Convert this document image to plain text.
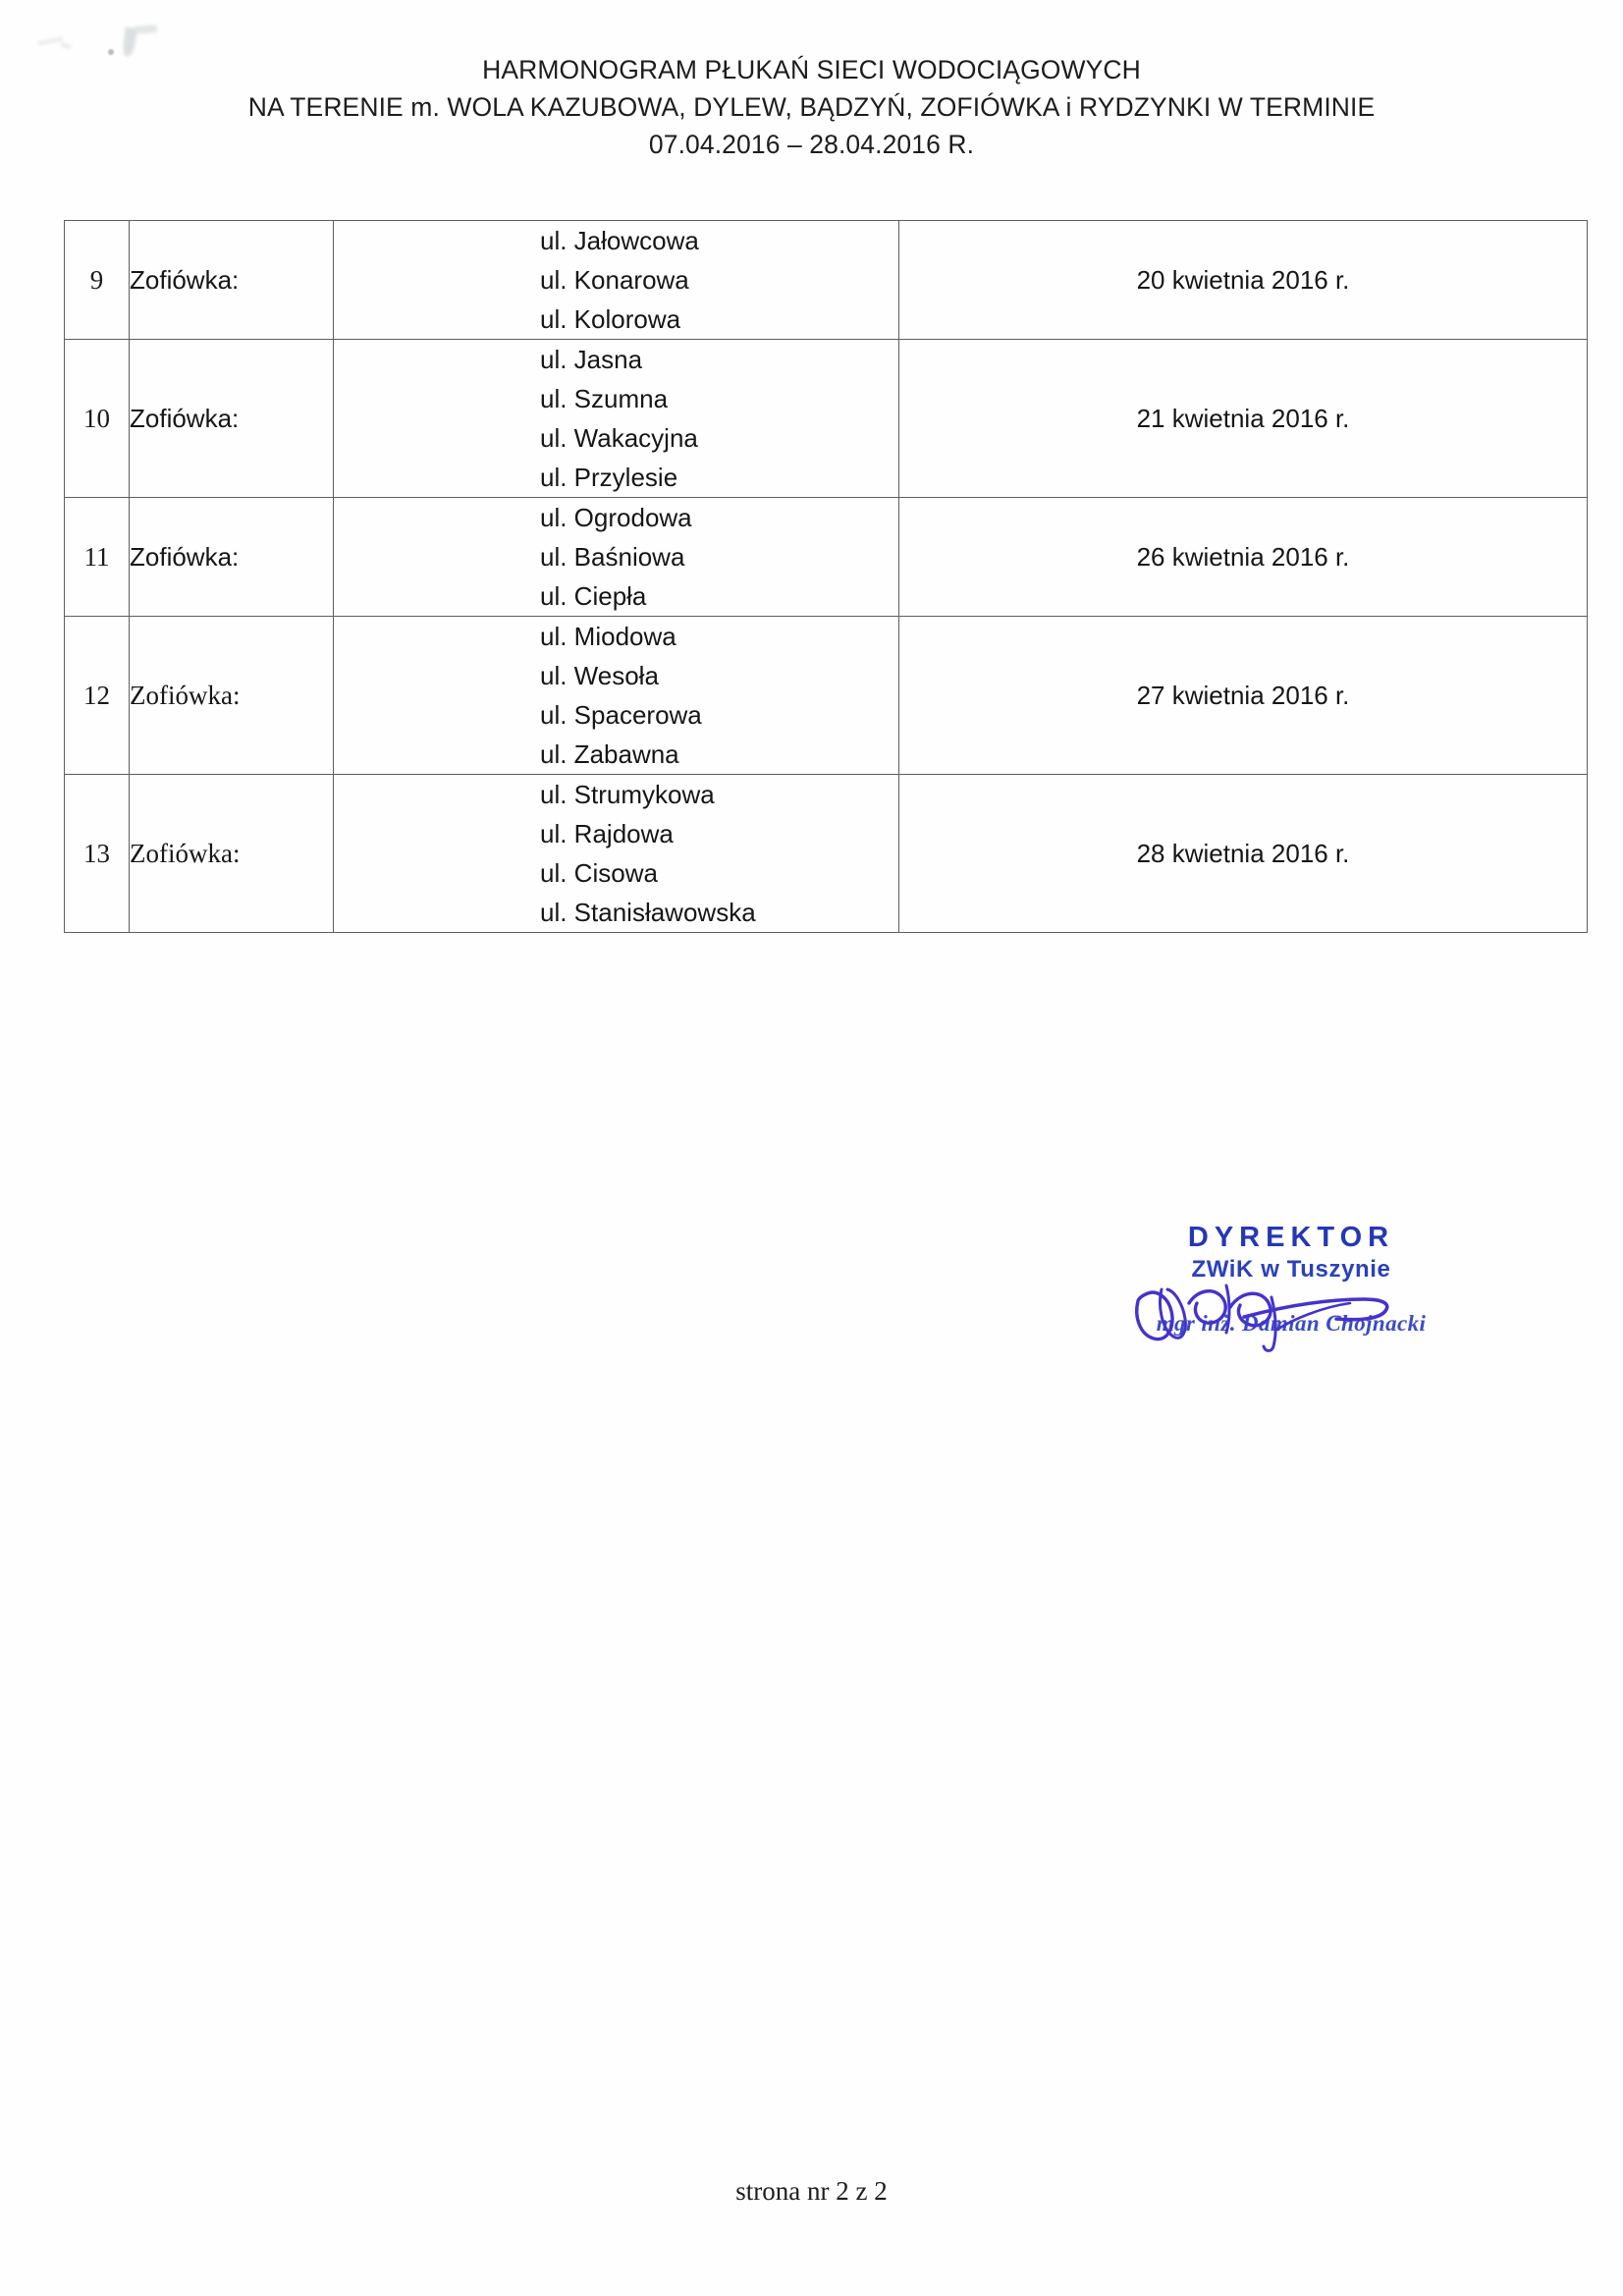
HARMONOGRAM PŁUKAŃ SIECI WODOCIĄGOWYCH
NA TERENIE m. WOLA KAZUBOWA, DYLEW, BĄDZYŃ, ZOFIÓWKA i RYDZYNKI W TERMINIE
07.04.2016 – 28.04.2016 R.
9	Zofiówka:	ul. Jałowcowa
ul. Konarowa
ul. Kolorowa	20 kwietnia 2016 r.
10	Zofiówka:	ul. Jasna
ul. Szumna
ul. Wakacyjna
ul. Przylesie	21 kwietnia 2016 r.
11	Zofiówka:	ul. Ogrodowa
ul. Baśniowa
ul. Ciepła	26 kwietnia 2016 r.
12	Zofiówka:	ul. Miodowa
ul. Wesoła
ul. Spacerowa
ul. Zabawna	27 kwietnia 2016 r.
13	Zofiówka:	ul. Strumykowa
ul. Rajdowa
ul. Cisowa
ul. Stanisławowska	28 kwietnia 2016 r.
DYREKTOR
ZWiK w Tuszynie
mgr inż. Damian Chojnacki
strona nr 2 z 2
